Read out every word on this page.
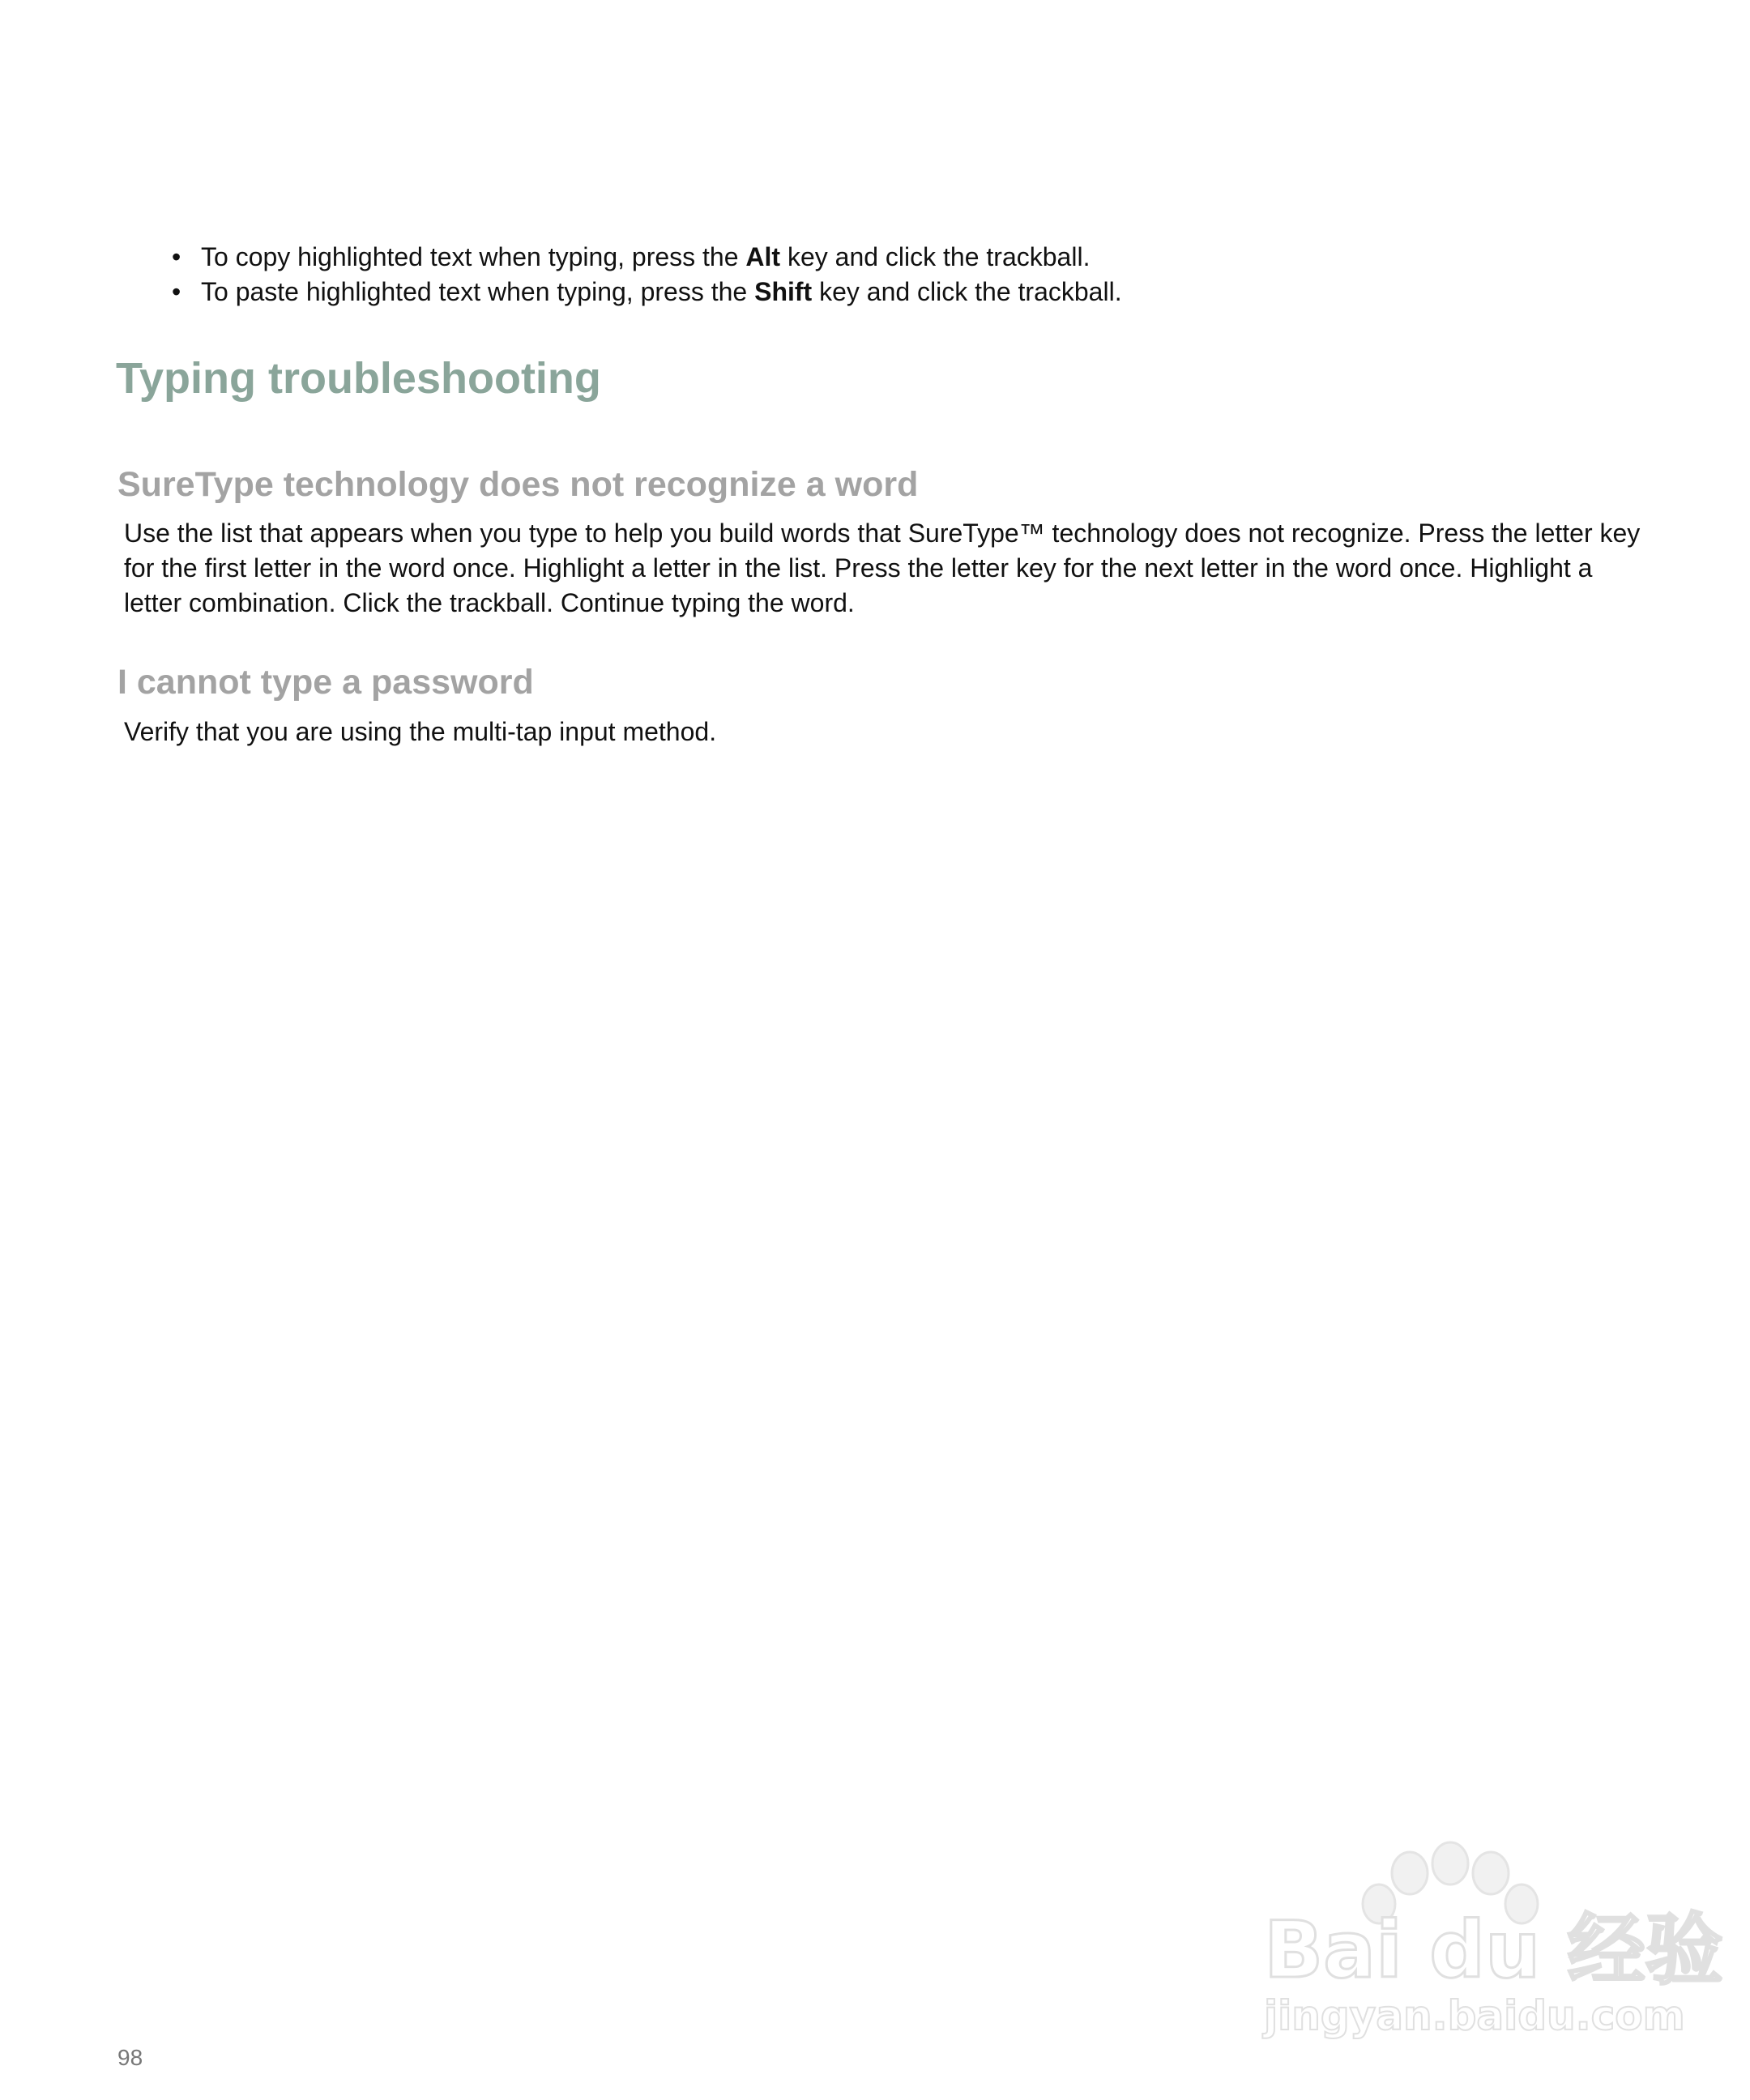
• To copy highlighted text when typing, press the Alt key and click the trackball.
• To paste highlighted text when typing, press the Shift key and click the trackball.
Typing troubleshooting
SureType technology does not recognize a word

Use the list that appears when you type to help you build words that SureType™ technology does not recognize. Press the letter key for the first letter in the word once. Highlight a letter in the list. Press the letter key for the next letter in the word once. Highlight a letter combination. Click the trackball. Continue typing the word.

I cannot type a password

Verify that you are using the multi-tap input method.

98
Bai du 经验
jingyan.baidu.com
